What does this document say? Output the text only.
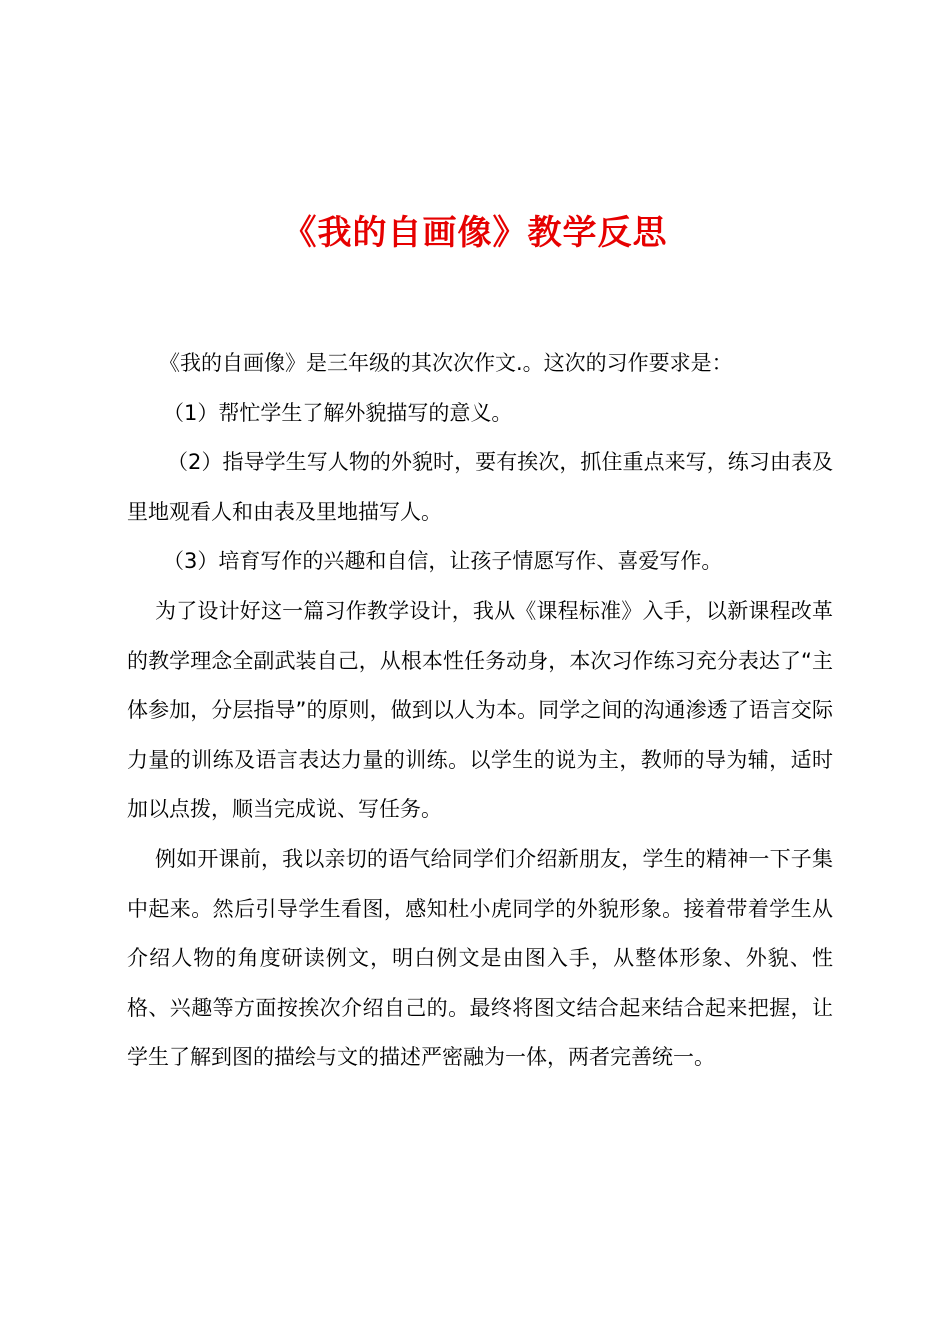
《我的自画像》教学反思

《我的自画像》是三年级的其次次作文.。这次的习作要求是：

（1）帮忙学生了解外貌描写的意义。

（2）指导学生写人物的外貌时，要有挨次，抓住重点来写，练习由表及里地观看人和由表及里地描写人。

（3）培育写作的兴趣和自信，让孩子情愿写作、喜爱写作。

为了设计好这一篇习作教学设计，我从《课程标准》入手，以新课程改革的教学理念全副武装自己，从根本性任务动身，本次习作练习充分表达了“主体参加，分层指导”的原则，做到以人为本。同学之间的沟通渗透了语言交际力量的训练及语言表达力量的训练。以学生的说为主，教师的导为辅，适时加以点拨，顺当完成说、写任务。

例如开课前，我以亲切的语气给同学们介绍新朋友，学生的精神一下子集中起来。然后引导学生看图，感知杜小虎同学的外貌形象。接着带着学生从介绍人物的角度研读例文，明白例文是由图入手，从整体形象、外貌、性格、兴趣等方面按挨次介绍自己的。最终将图文结合起来结合起来把握，让学生了解到图的描绘与文的描述严密融为一体，两者完善统一。
